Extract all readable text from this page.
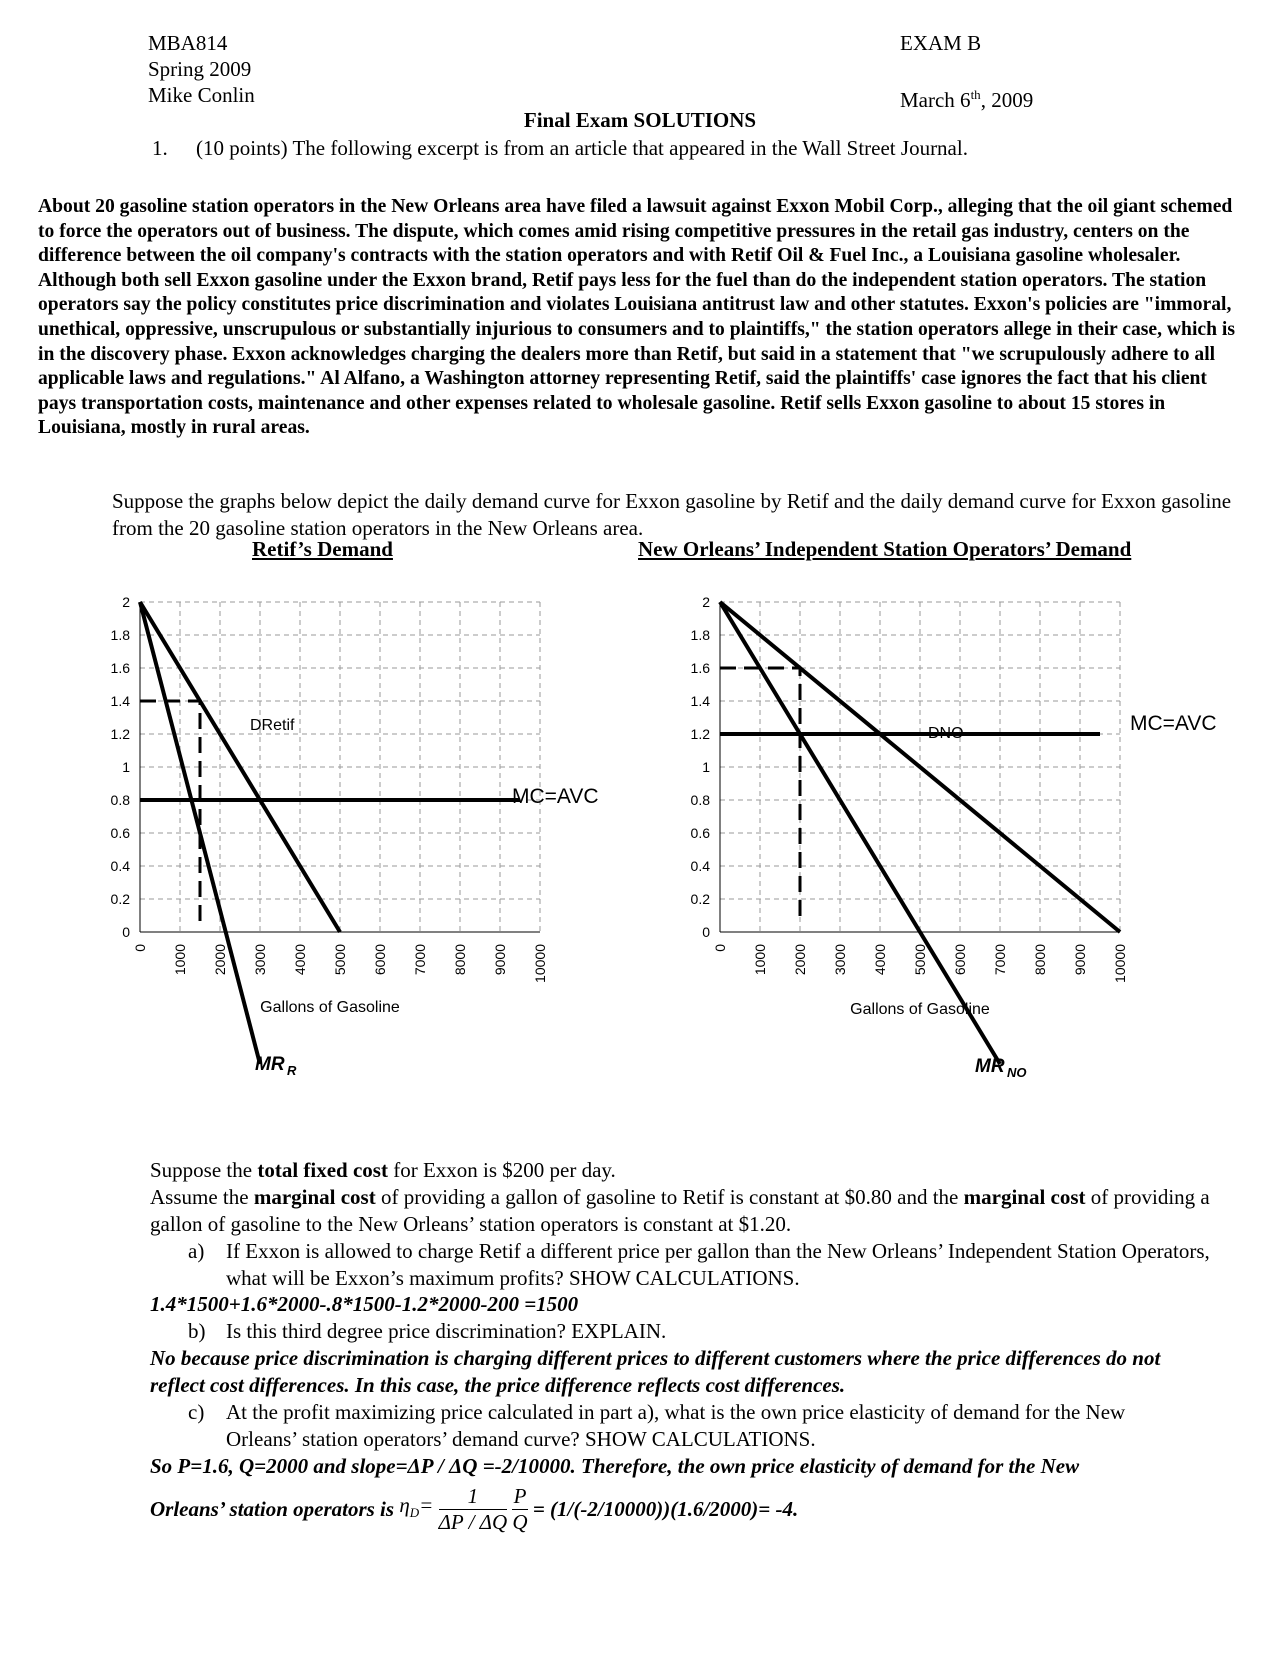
MBA814
Spring 2009
Mike Conlin
EXAM B
March 6th, 2009
Final Exam SOLUTIONS
1. (10 points) The following excerpt is from an article that appeared in the Wall Street Journal.

About 20 gasoline station operators in the New Orleans area have filed a lawsuit against Exxon Mobil Corp., alleging that the oil giant schemed to force the operators out of business. The dispute, which comes amid rising competitive pressures in the retail gas industry, centers on the difference between the oil company's contracts with the station operators and with Retif Oil & Fuel Inc., a Louisiana gasoline wholesaler. Although both sell Exxon gasoline under the Exxon brand, Retif pays less for the fuel than do the independent station operators. The station operators say the policy constitutes price discrimination and violates Louisiana antitrust law and other statutes. Exxon's policies are "immoral, unethical, oppressive, unscrupulous or substantially injurious to consumers and to plaintiffs," the station operators allege in their case, which is in the discovery phase. Exxon acknowledges charging the dealers more than Retif, but said in a statement that "we scrupulously adhere to all applicable laws and regulations." Al Alfano, a Washington attorney representing Retif, said the plaintiffs' case ignores the fact that his client pays transportation costs, maintenance and other expenses related to wholesale gasoline. Retif sells Exxon gasoline to about 15 stores in Louisiana, mostly in rural areas.

Suppose the graphs below depict the daily demand curve for Exxon gasoline by Retif and the daily demand curve for Exxon gasoline from the 20 gasoline station operators in the New Orleans area.
Retif’s Demand	New Orleans’ Independent Station Operators’ Demand
0 1000 2000 3000 4000 5000 6000 7000 8000 9000 10000
0
0.2
0.4
0.6
0.8
1
1.2
1.4
1.6
1.8
2
DRetif
MC=AVC
MR R
Gallons of Gasoline
0 1000 2000 3000 4000 5000 6000 7000 8000 9000 10000
0
0.2
0.4
0.6
0.8
1
1.2
1.4
1.6
1.8
2
DNO	MC=AVC
MR NO
Gallons of Gasoline
Suppose the total fixed cost for Exxon is $200 per day.
Assume the marginal cost of providing a gallon of gasoline to Retif is constant at $0.80 and the marginal cost of providing a gallon of gasoline to the New Orleans’ station operators is constant at $1.20.
a) If Exxon is allowed to charge Retif a different price per gallon than the New Orleans’ Independent Station Operators, what will be Exxon’s maximum profits? SHOW CALCULATIONS.
1.4*1500+1.6*2000-.8*1500-1.2*2000-200 =1500
b) Is this third degree price discrimination? EXPLAIN.
No because price discrimination is charging different prices to different customers where the price differences do not reflect cost differences. In this case, the price difference reflects cost differences.
c) At the profit maximizing price calculated in part a), what is the own price elasticity of demand for the New Orleans’ station operators’ demand curve? SHOW CALCULATIONS.
So P=1.6, Q=2000 and slope=ΔP / ΔQ =-2/10000. Therefore, the own price elasticity of demand for the New
Orleans’ station operators is $\eta_D= \frac{1}{\Delta P / \Delta Q}$
$\frac{P}{Q} = (1/(-2/10000))(1.6/2000)= -4$.
